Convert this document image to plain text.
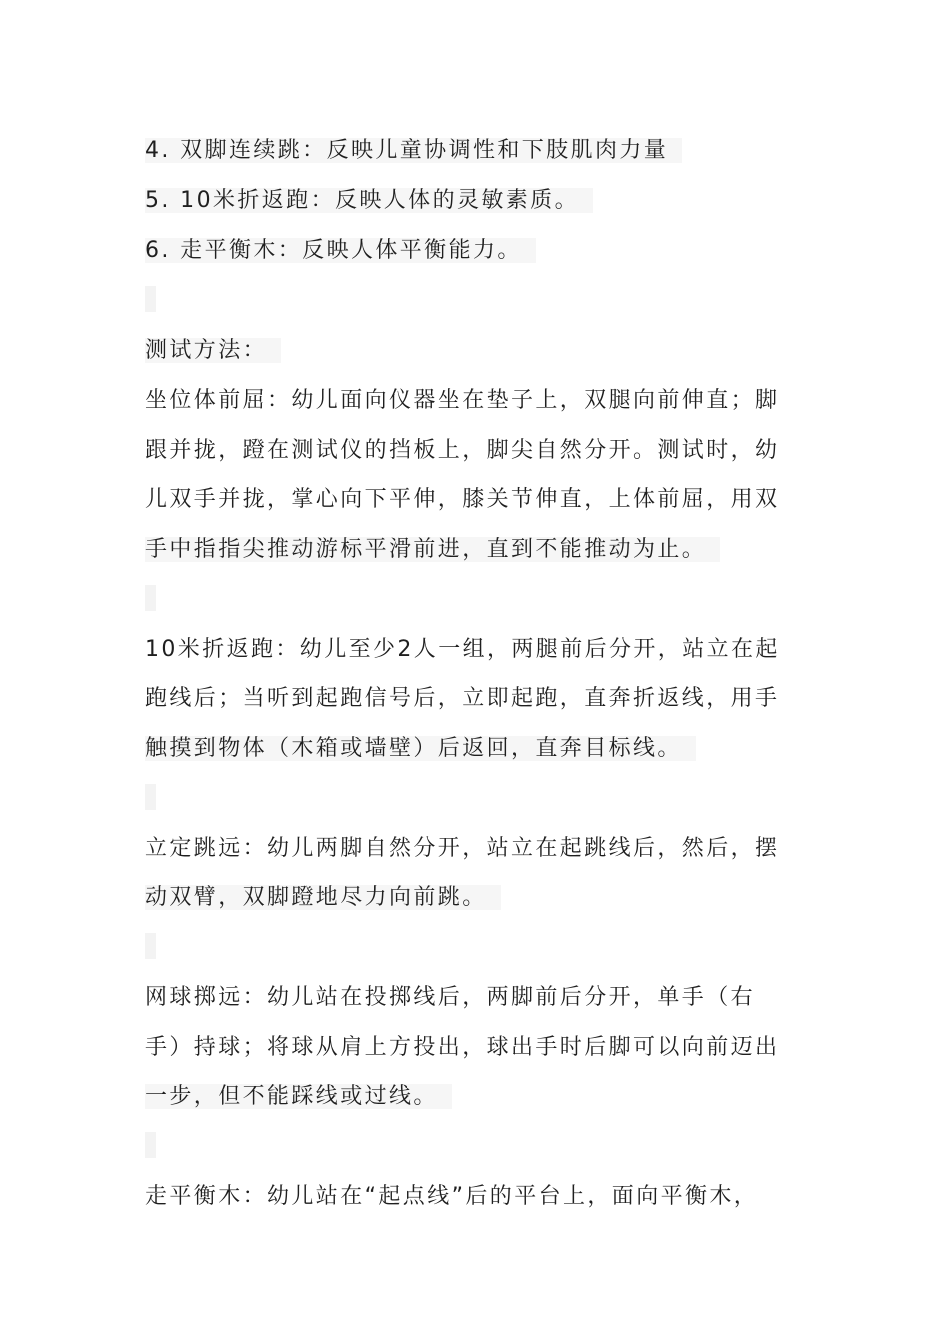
4. 双脚连续跳：反映儿童协调性和下肢肌肉力量
5. 10米折返跑：反映人体的灵敏素质。
6. 走平衡木：反映人体平衡能力。
测试方法：
坐位体前屈：幼儿面向仪器坐在垫子上，双腿向前伸直；脚
跟并拢，蹬在测试仪的挡板上，脚尖自然分开。测试时，幼
儿双手并拢，掌心向下平伸，膝关节伸直，上体前屈，用双
手中指指尖推动游标平滑前进，直到不能推动为止。
10米折返跑：幼儿至少2人一组，两腿前后分开，站立在起
跑线后；当听到起跑信号后，立即起跑，直奔折返线，用手
触摸到物体（木箱或墙壁）后返回，直奔目标线。
立定跳远：幼儿两脚自然分开，站立在起跳线后，然后，摆
动双臂，双脚蹬地尽力向前跳。
网球掷远：幼儿站在投掷线后，两脚前后分开，单手（右
手）持球；将球从肩上方投出，球出手时后脚可以向前迈出
一步，但不能踩线或过线。
走平衡木：幼儿站在“起点线”后的平台上，面向平衡木，
